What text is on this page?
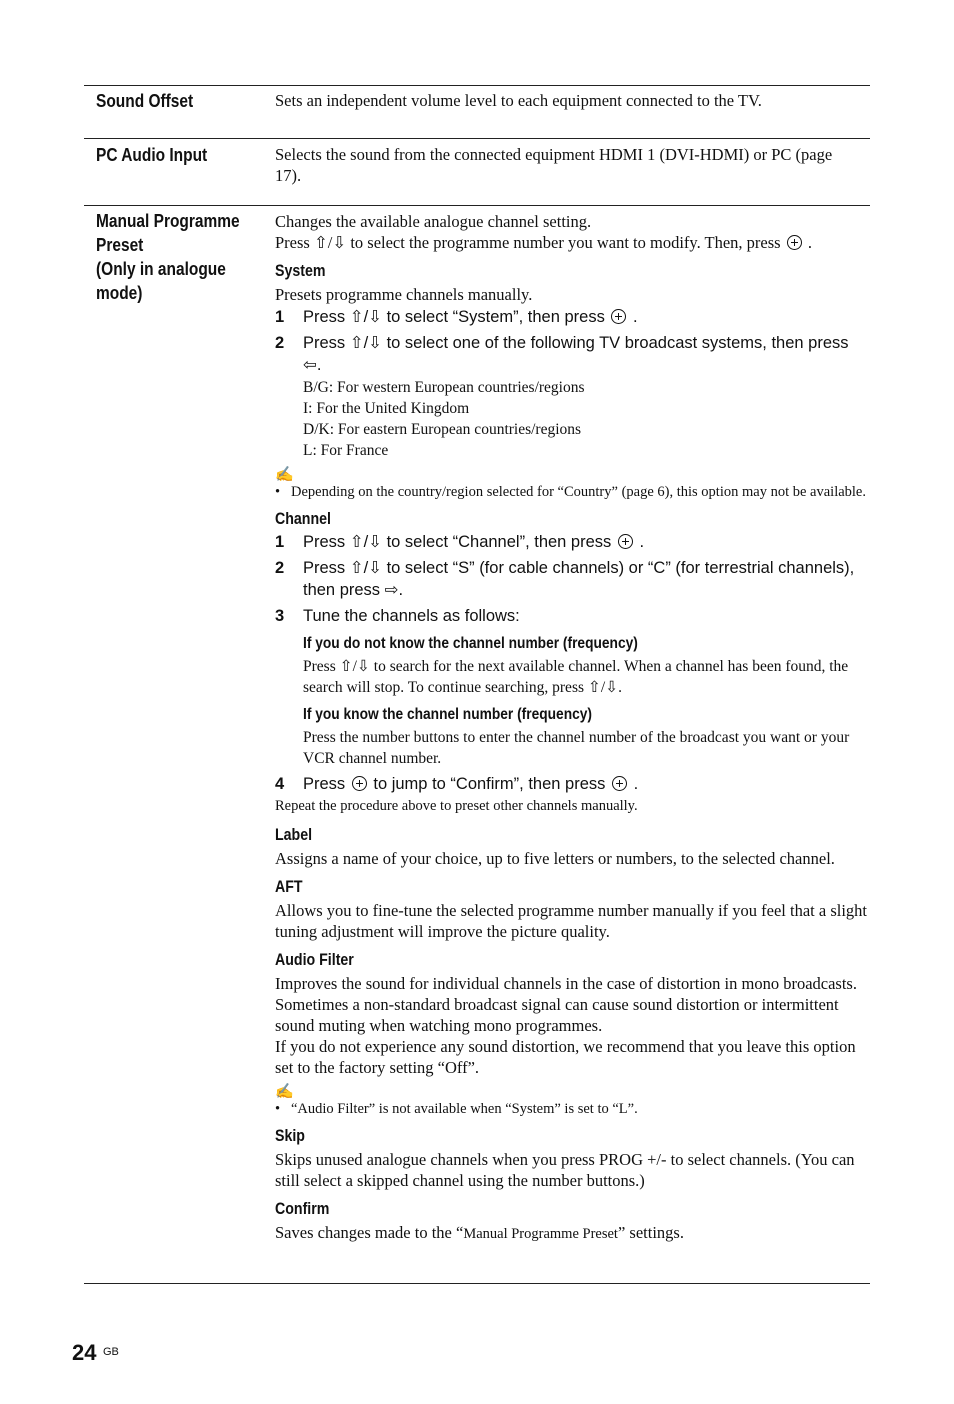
Sound Offset	Sets an independent volume level to each equipment connected to the TV.
PC Audio Input	Selects the sound from the connected equipment HDMI 1 (DVI-HDMI) or PC (page 17).
Manual Programme
Preset
(Only in analogue
mode)
Changes the available analogue channel setting.
Press ⇧/⇩ to select the programme number you want to modify. Then, press .
System
Presets programme channels manually.
1 Press ⇧/⇩ to select “System”, then press .
2 Press ⇧/⇩ to select one of the following TV broadcast systems, then press ⇦.
B/G: For western European countries/regions
I: For the United Kingdom
D/K: For eastern European countries/regions
L: For France
✍
• Depending on the country/region selected for “Country” (page 6), this option may not be available.
Channel
1 Press ⇧/⇩ to select “Channel”, then press .
2 Press ⇧/⇩ to select “S” (for cable channels) or “C” (for terrestrial channels), then press ⇨.
3 Tune the channels as follows:
If you do not know the channel number (frequency)
Press ⇧/⇩ to search for the next available channel. When a channel has been found, the search will stop. To continue searching, press ⇧/⇩.
If you know the channel number (frequency)
Press the number buttons to enter the channel number of the broadcast you want or your VCR channel number.
4 Press to jump to “Confirm”, then press .
Repeat the procedure above to preset other channels manually.
Label
Assigns a name of your choice, up to five letters or numbers, to the selected channel.
AFT
Allows you to fine-tune the selected programme number manually if you feel that a slight tuning adjustment will improve the picture quality.
Audio Filter
Improves the sound for individual channels in the case of distortion in mono broadcasts. Sometimes a non-standard broadcast signal can cause sound distortion or intermittent sound muting when watching mono programmes.
If you do not experience any sound distortion, we recommend that you leave this option set to the factory setting “Off”.
✍
• “Audio Filter” is not available when “System” is set to “L”.
Skip
Skips unused analogue channels when you press PROG +/- to select channels. (You can still select a skipped channel using the number buttons.)
Confirm
Saves changes made to the “Manual Programme Preset” settings.
24 GB
